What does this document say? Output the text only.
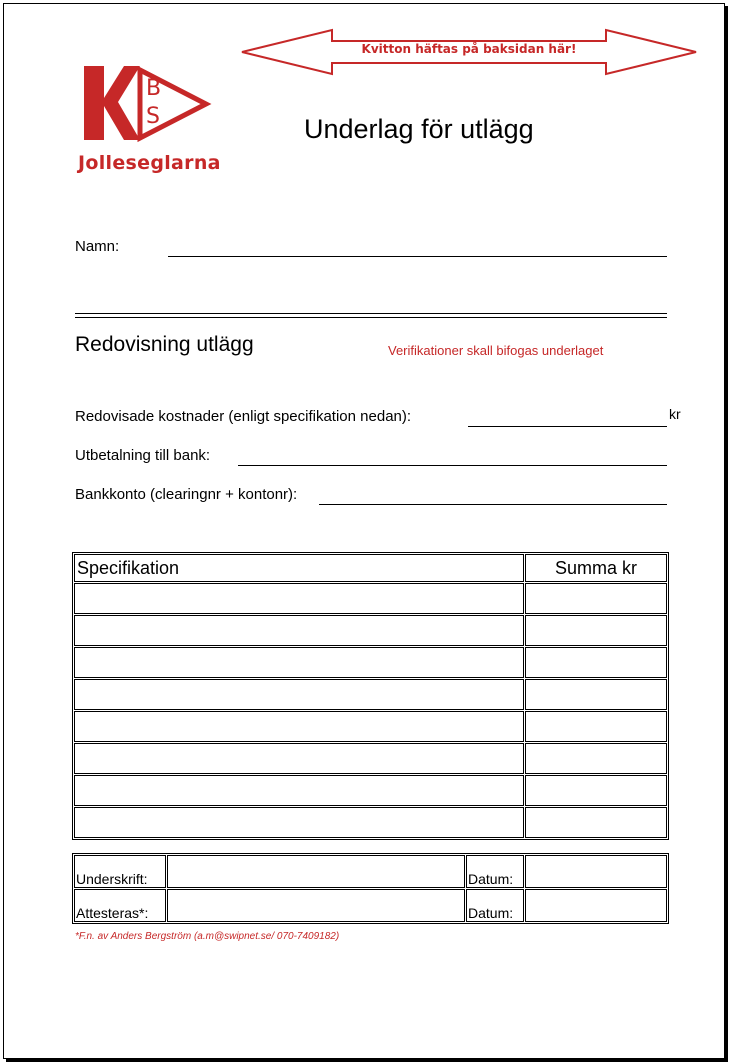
B
S
Jolleseglarna
Kvitton häftas på baksidan här!
Underlag för utlägg
Namn:
Redovisning utlägg	Verifikationer skall bifogas underlaget
Redovisade kostnader (enligt specifikation nedan):	kr
Utbetalning till bank:
Bankkonto (clearingnr + kontonr):
Specifikation	Summa kr

Underskrift:		Datum:	
Attesteras*:		Datum:	
*F.n. av Anders Bergström (a.m@swipnet.se/ 070-7409182)
